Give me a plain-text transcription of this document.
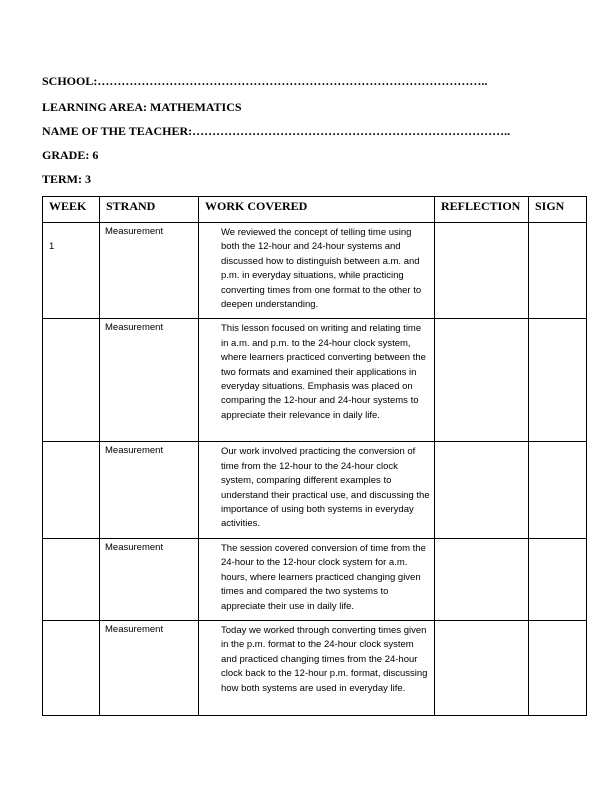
SCHOOL:……………………………………………………………………………………..
LEARNING AREA: MATHEMATICS
NAME OF THE TEACHER:……………………………………………………………………..
GRADE: 6
TERM: 3
WEEK	STRAND	WORK COVERED	REFLECTION	SIGN
1	Measurement	We reviewed the concept of telling time using both the 12-hour and 24-hour systems and discussed how to distinguish between a.m. and p.m. in everyday situations, while practicing converting times from one format to the other to deepen understanding.		
	Measurement	This lesson focused on writing and relating time in a.m. and p.m. to the 24-hour clock system, where learners practiced converting between the two formats and examined their applications in everyday situations. Emphasis was placed on comparing the 12-hour and 24-hour systems to appreciate their relevance in daily life.		
	Measurement	Our work involved practicing the conversion of time from the 12-hour to the 24-hour clock system, comparing different examples to understand their practical use, and discussing the importance of using both systems in everyday activities.		
	Measurement	The session covered conversion of time from the 24-hour to the 12-hour clock system for a.m. hours, where learners practiced changing given times and compared the two systems to appreciate their use in daily life.		
	Measurement	Today we worked through converting times given in the p.m. format to the 24-hour clock system and practiced changing times from the 24-hour clock back to the 12-hour p.m. format, discussing how both systems are used in everyday life.		
